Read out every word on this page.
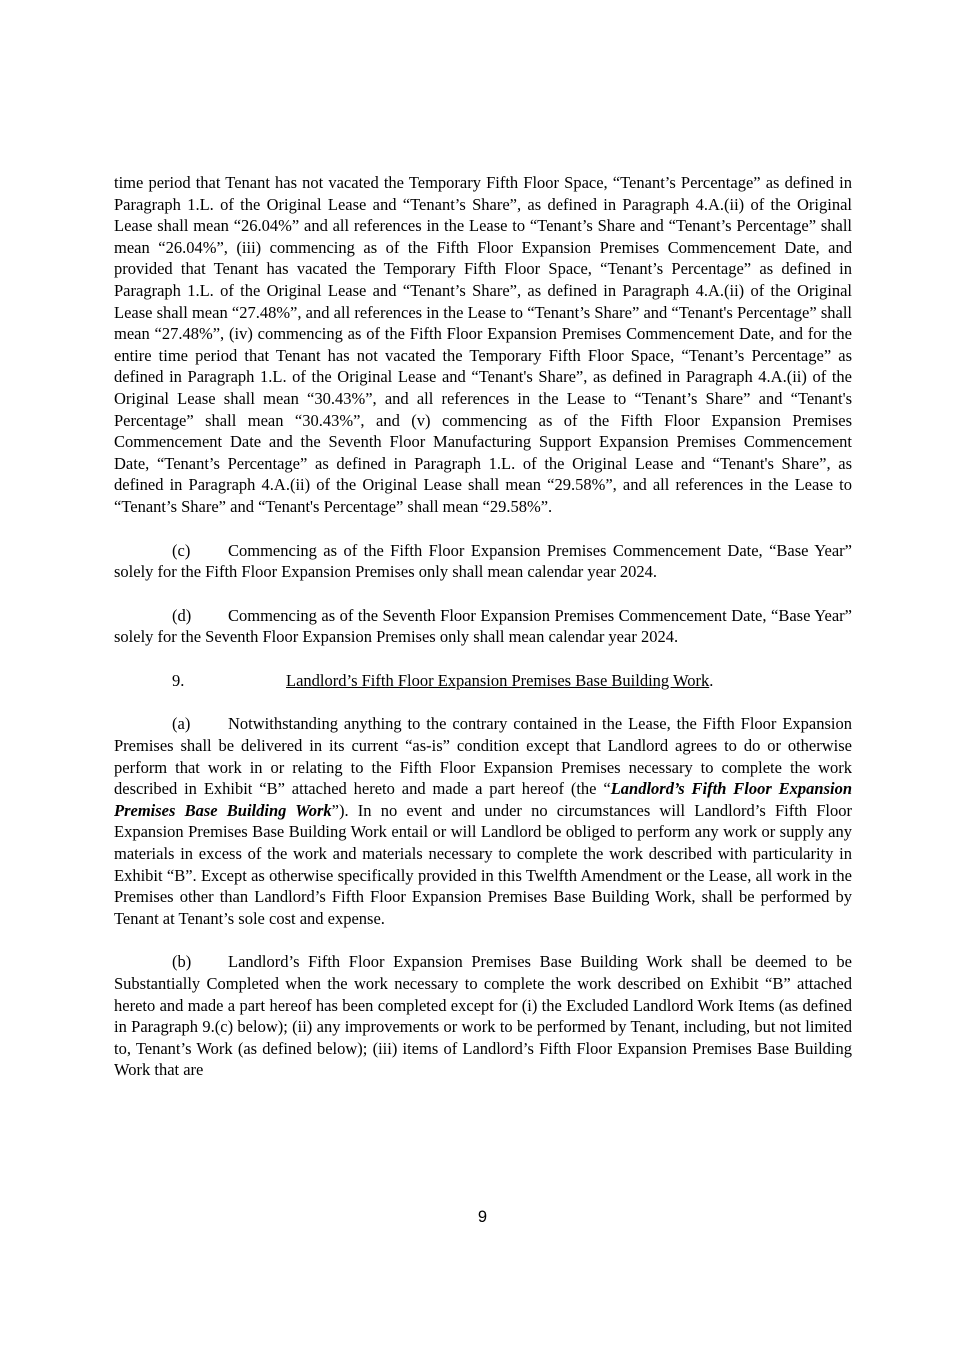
time period that Tenant has not vacated the Temporary Fifth Floor Space, “Tenant’s Percentage” as defined in Paragraph 1.L. of the Original Lease and “Tenant’s Share”, as defined in Paragraph 4.A.(ii) of the Original Lease shall mean “26.04%” and all references in the Lease to “Tenant’s Share and “Tenant’s Percentage” shall mean “26.04%”, (iii) commencing as of the Fifth Floor Expansion Premises Commencement Date, and provided that Tenant has vacated the Temporary Fifth Floor Space, “Tenant’s Percentage” as defined in Paragraph 1.L. of the Original Lease and “Tenant’s Share”, as defined in Paragraph 4.A.(ii) of the Original Lease shall mean “27.48%”, and all references in the Lease to “Tenant’s Share” and “Tenant's Percentage” shall mean “27.48%”, (iv) commencing as of the Fifth Floor Expansion Premises Commencement Date, and for the entire time period that Tenant has not vacated the Temporary Fifth Floor Space, “Tenant’s Percentage” as defined in Paragraph 1.L. of the Original Lease and “Tenant's Share”, as defined in Paragraph 4.A.(ii) of the Original Lease shall mean “30.43%”, and all references in the Lease to “Tenant’s Share” and “Tenant's Percentage” shall mean “30.43%”, and (v) commencing as of the Fifth Floor Expansion Premises Commencement Date and the Seventh Floor Manufacturing Support Expansion Premises Commencement Date, “Tenant’s Percentage” as defined in Paragraph 1.L. of the Original Lease and “Tenant's Share”, as defined in Paragraph 4.A.(ii) of the Original Lease shall mean “29.58%”, and all references in the Lease to “Tenant’s Share” and “Tenant's Percentage” shall mean “29.58%”.

(c) Commencing as of the Fifth Floor Expansion Premises Commencement Date, “Base Year” solely for the Fifth Floor Expansion Premises only shall mean calendar year 2024.

(d) Commencing as of the Seventh Floor Expansion Premises Commencement Date, “Base Year” solely for the Seventh Floor Expansion Premises only shall mean calendar year 2024.

9.	Landlord’s Fifth Floor Expansion Premises Base Building Work.

(a) Notwithstanding anything to the contrary contained in the Lease, the Fifth Floor Expansion Premises shall be delivered in its current “as-is” condition except that Landlord agrees to do or otherwise perform that work in or relating to the Fifth Floor Expansion Premises necessary to complete the work described in Exhibit “B” attached hereto and made a part hereof (the “Landlord’s Fifth Floor Expansion Premises Base Building Work”). In no event and under no circumstances will Landlord’s Fifth Floor Expansion Premises Base Building Work entail or will Landlord be obliged to perform any work or supply any materials in excess of the work and materials necessary to complete the work described with particularity in Exhibit “B”. Except as otherwise specifically provided in this Twelfth Amendment or the Lease, all work in the Premises other than Landlord’s Fifth Floor Expansion Premises Base Building Work, shall be performed by Tenant at Tenant’s sole cost and expense.

(b) Landlord’s Fifth Floor Expansion Premises Base Building Work shall be deemed to be Substantially Completed when the work necessary to complete the work described on Exhibit “B” attached hereto and made a part hereof has been completed except for (i) the Excluded Landlord Work Items (as defined in Paragraph 9.(c) below); (ii) any improvements or work to be performed by Tenant, including, but not limited to, Tenant’s Work (as defined below); (iii) items of Landlord’s Fifth Floor Expansion Premises Base Building Work that are

9
